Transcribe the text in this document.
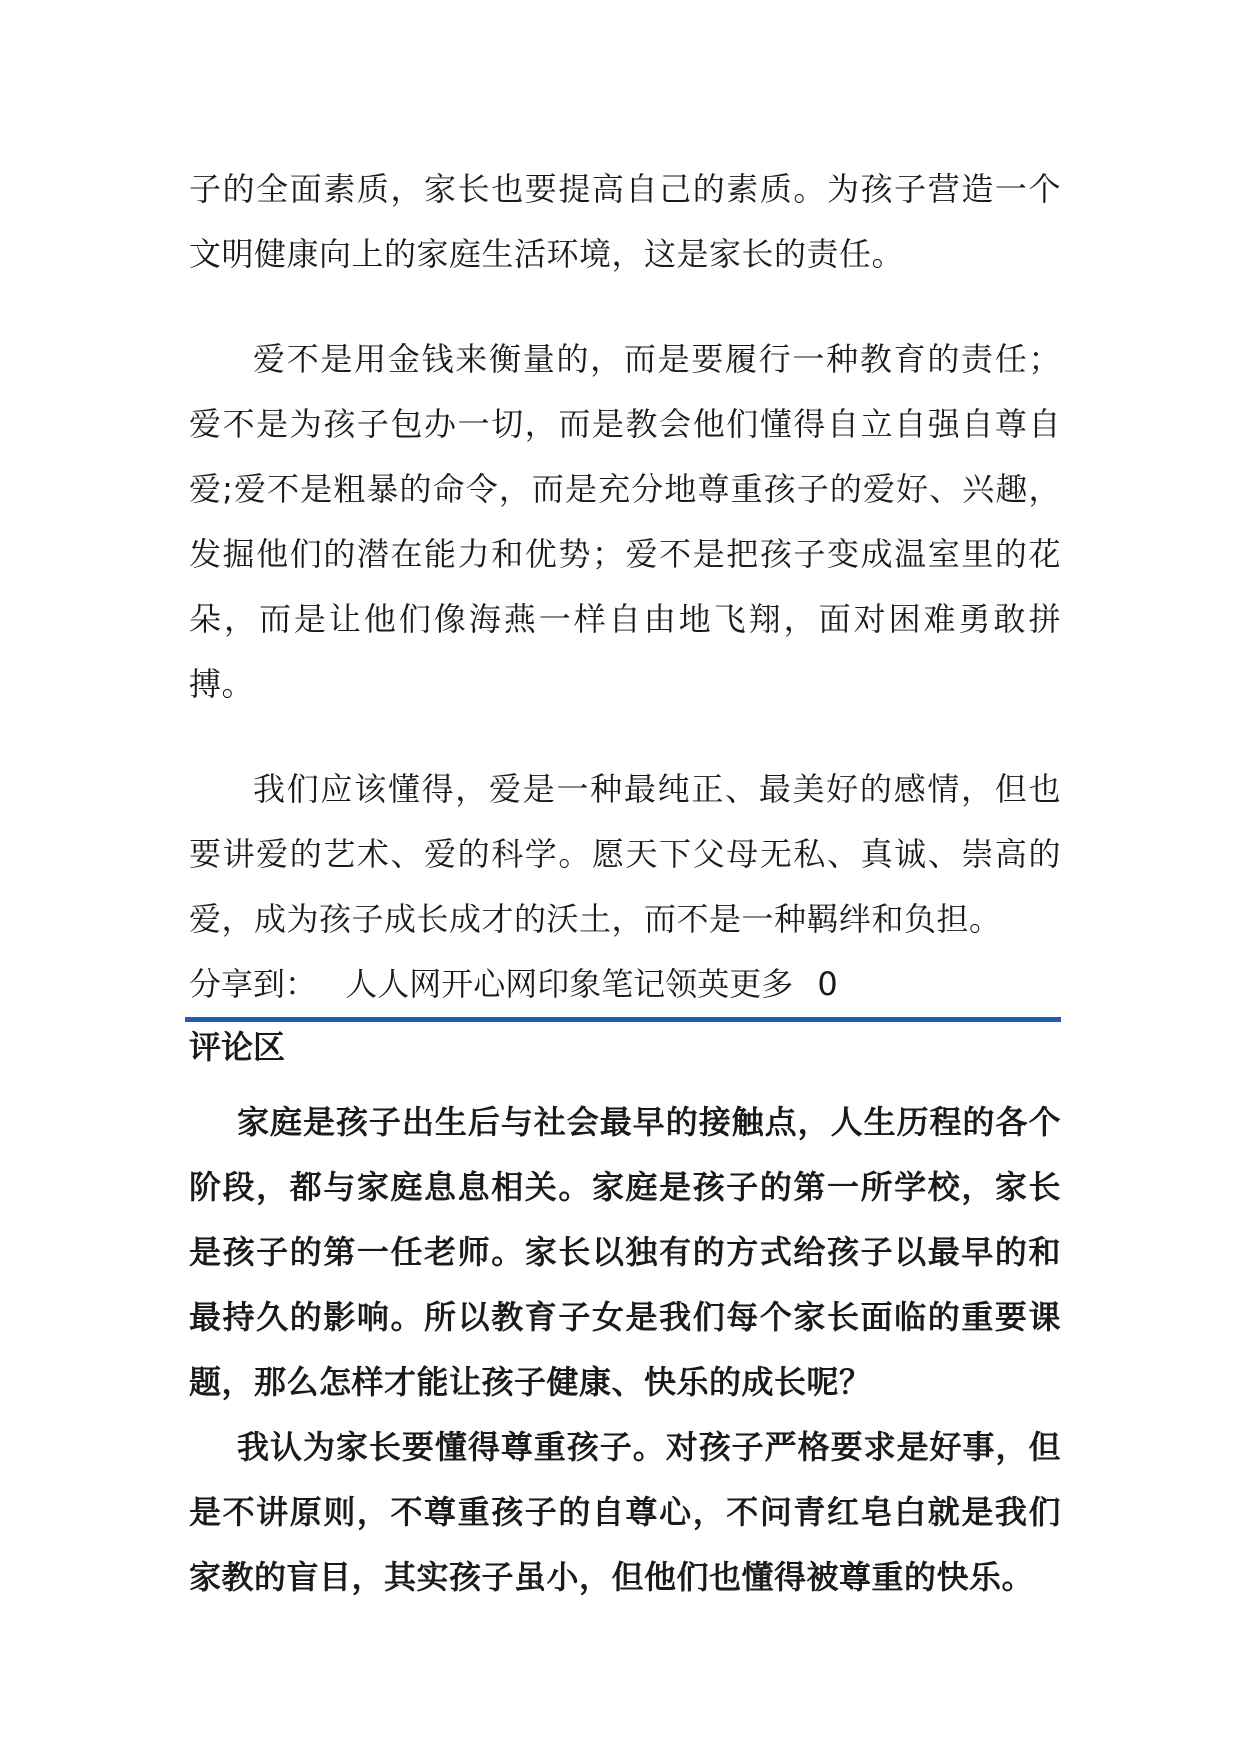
子的全面素质，家长也要提高自己的素质。为孩子营造一个文明健康向上的家庭生活环境，这是家长的责任。

爱不是用金钱来衡量的，而是要履行一种教育的责任；爱不是为孩子包办一切，而是教会他们懂得自立自强自尊自爱;爱不是粗暴的命令，而是充分地尊重孩子的爱好、兴趣，发掘他们的潜在能力和优势；爱不是把孩子变成温室里的花朵，而是让他们像海燕一样自由地飞翔，面对困难勇敢拼搏。

我们应该懂得，爱是一种最纯正、最美好的感情，但也要讲爱的艺术、爱的科学。愿天下父母无私、真诚、崇高的爱，成为孩子成长成才的沃土，而不是一种羁绊和负担。

分享到： 人人网开心网印象笔记领英更多 0

评论区

家庭是孩子出生后与社会最早的接触点，人生历程的各个阶段，都与家庭息息相关。家庭是孩子的第一所学校，家长是孩子的第一任老师。家长以独有的方式给孩子以最早的和最持久的影响。所以教育子女是我们每个家长面临的重要课题，那么怎样才能让孩子健康、快乐的成长呢？

我认为家长要懂得尊重孩子。对孩子严格要求是好事，但是不讲原则，不尊重孩子的自尊心，不问青红皂白就是我们家教的盲目，其实孩子虽小，但他们也懂得被尊重的快乐。
